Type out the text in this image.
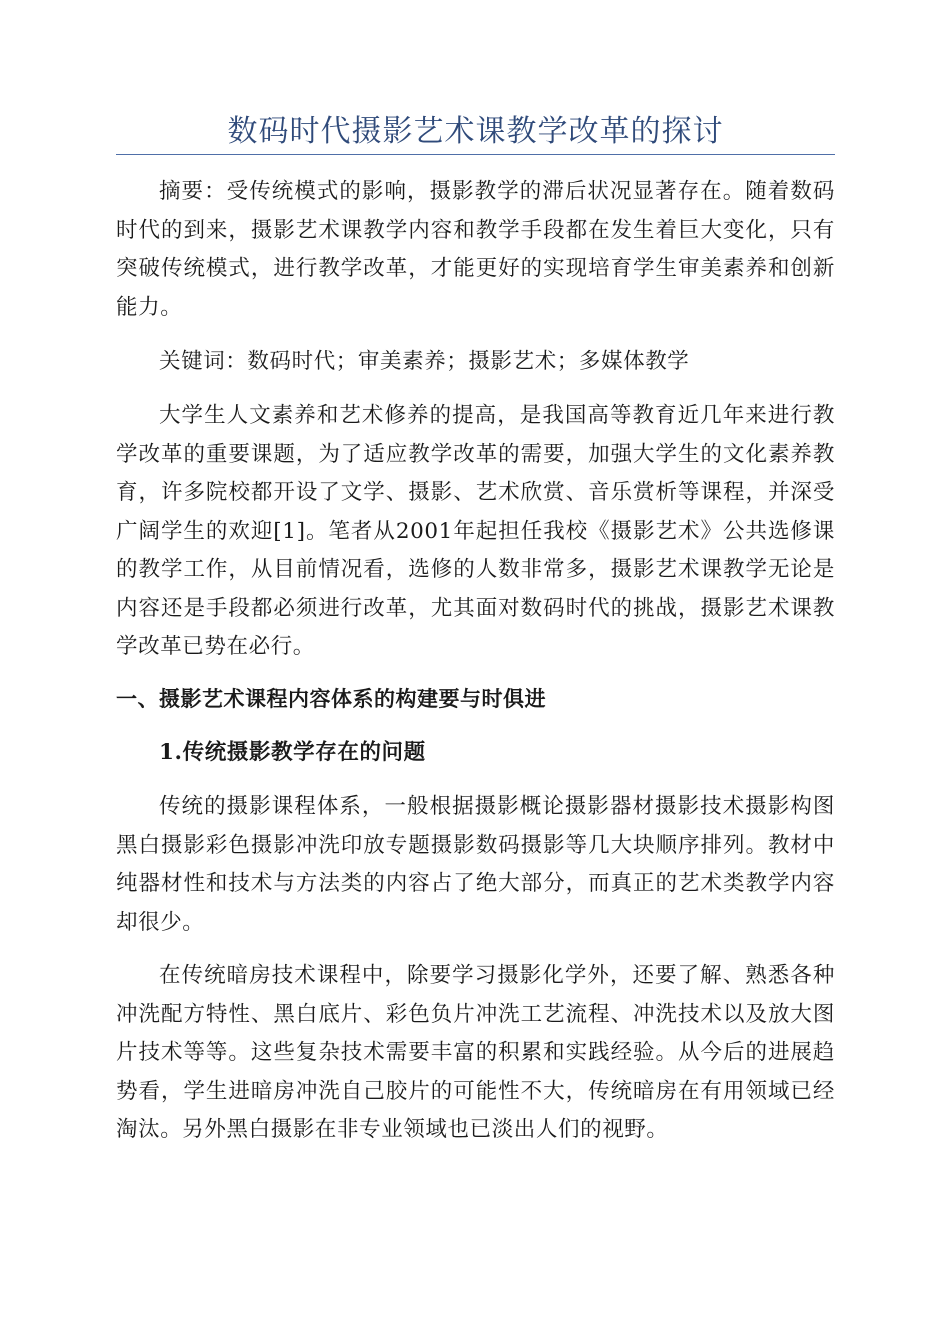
数码时代摄影艺术课教学改革的探讨

摘要：受传统模式的影响，摄影教学的滞后状况显著存在。随着数码时代的到来，摄影艺术课教学内容和教学手段都在发生着巨大变化，只有突破传统模式，进行教学改革，才能更好的实现培育学生审美素养和创新能力。

关键词：数码时代；审美素养；摄影艺术；多媒体教学

大学生人文素养和艺术修养的提高，是我国高等教育近几年来进行教学改革的重要课题，为了适应教学改革的需要，加强大学生的文化素养教育，许多院校都开设了文学、摄影、艺术欣赏、音乐赏析等课程，并深受广阔学生的欢迎[1]。笔者从2001年起担任我校《摄影艺术》公共选修课的教学工作，从目前情况看，选修的人数非常多，摄影艺术课教学无论是内容还是手段都必须进行改革，尤其面对数码时代的挑战，摄影艺术课教学改革已势在必行。

一、摄影艺术课程内容体系的构建要与时俱进
1.传统摄影教学存在的问题

传统的摄影课程体系，一般根据摄影概论摄影器材摄影技术摄影构图黑白摄影彩色摄影冲洗印放专题摄影数码摄影等几大块顺序排列。教材中纯器材性和技术与方法类的内容占了绝大部分，而真正的艺术类教学内容却很少。

在传统暗房技术课程中，除要学习摄影化学外，还要了解、熟悉各种冲洗配方特性、黑白底片、彩色负片冲洗工艺流程、冲洗技术以及放大图片技术等等。这些复杂技术需要丰富的积累和实践经验。从今后的进展趋势看，学生进暗房冲洗自己胶片的可能性不大，传统暗房在有用领域已经淘汰。另外黑白摄影在非专业领域也已淡出人们的视野。
